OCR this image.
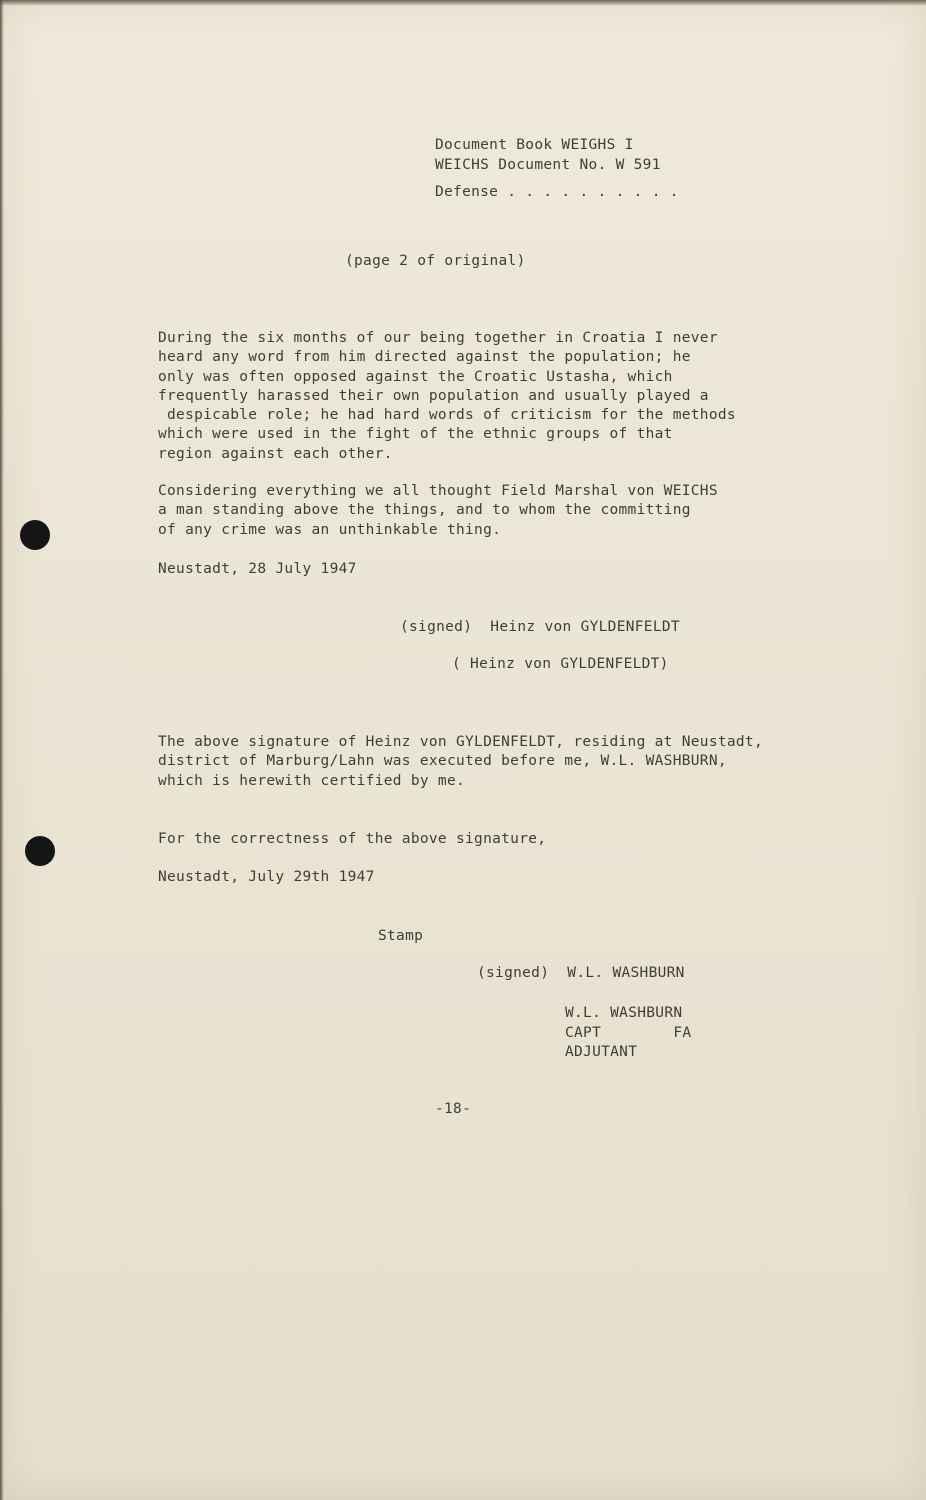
Document Book WEIGHS I
WEICHS Document No. W 591
Defense . . . . . . . . . .
(page 2 of original)
During the six months of our being together in Croatia I never
heard any word from him directed against the population; he
only was often opposed against the Croatic Ustasha, which
frequently harassed their own population and usually played a
despicable role; he had hard words of criticism for the methods
which were used in the fight of the ethnic groups of that
region against each other.
Considering everything we all thought Field Marshal von WEICHS
a man standing above the things, and to whom the committing
of any crime was an unthinkable thing.
Neustadt, 28 July 1947
(signed)  Heinz von GYLDENFELDT
( Heinz von GYLDENFELDT)
The above signature of Heinz von GYLDENFELDT, residing at Neustadt,
district of Marburg/Lahn was executed before me, W.L. WASHBURN,
which is herewith certified by me.
For the correctness of the above signature,
Neustadt, July 29th 1947
Stamp
(signed)  W.L. WASHBURN
W.L. WASHBURN
CAPT        FA
ADJUTANT
-18-
